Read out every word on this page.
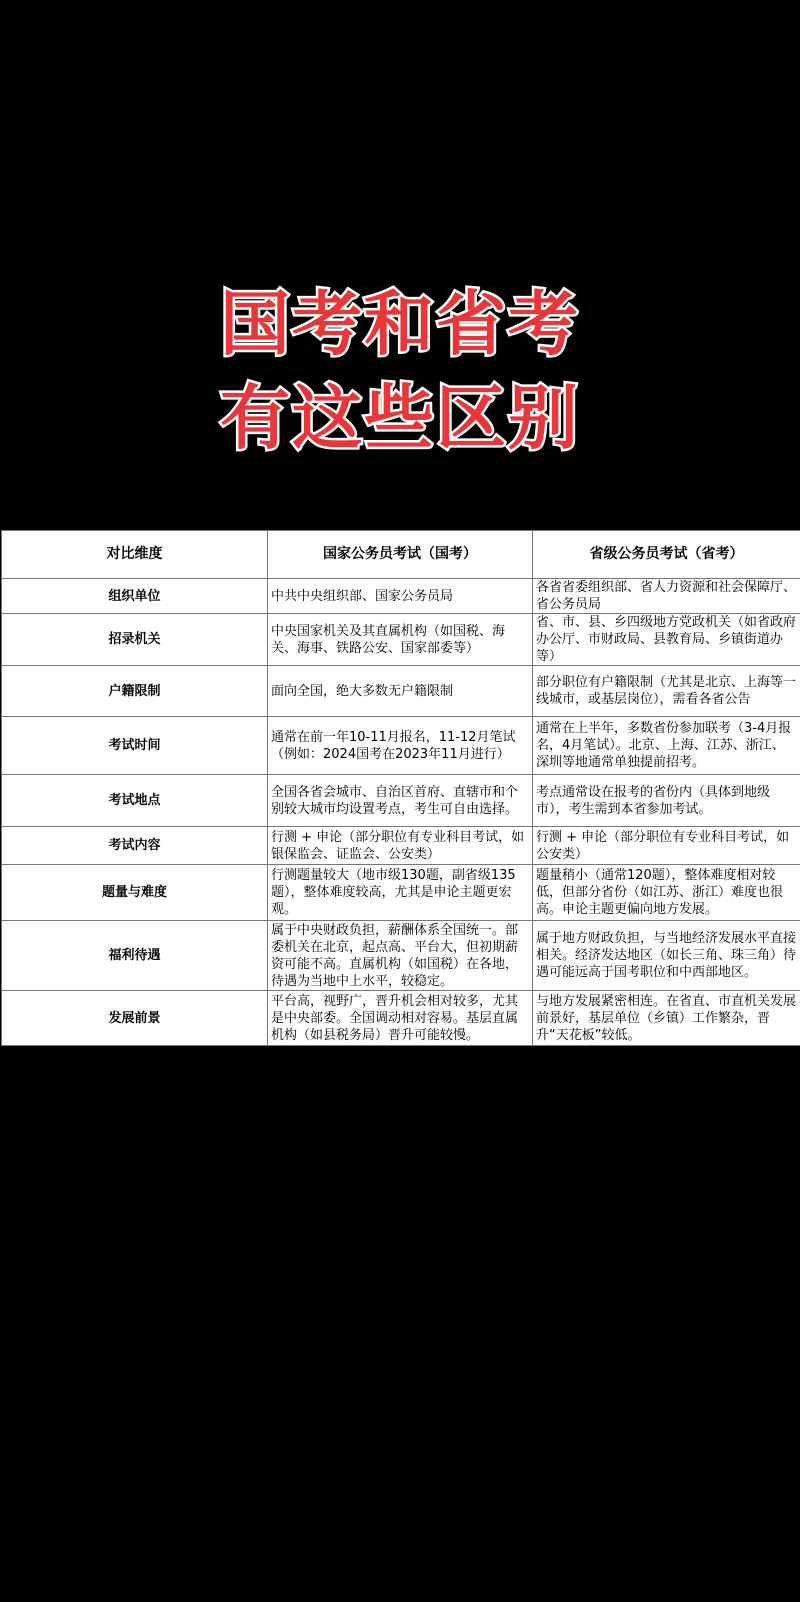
国考和省考
有这些区别
对比维度	国家公务员考试（国考）	省级公务员考试（省考）
组织单位	中共中央组织部、国家公务员局	各省省委组织部、省人力资源和社会保障厅、省公务员局
招录机关	中央国家机关及其直属机构（如国税、海关、海事、铁路公安、国家部委等）	省、市、县、乡四级地方党政机关（如省政府办公厅、市财政局、县教育局、乡镇街道办等）
户籍限制	面向全国，绝大多数无户籍限制	部分职位有户籍限制（尤其是北京、上海等一线城市，或基层岗位），需看各省公告
考试时间	通常在前一年10-11月报名，11-12月笔试（例如：2024国考在2023年11月进行）	通常在上半年，多数省份参加联考（3-4月报名，4月笔试）。北京、上海、江苏、浙江、深圳等地通常单独提前招考。
考试地点	全国各省会城市、自治区首府、直辖市和个别较大城市均设置考点，考生可自由选择。	考点通常设在报考的省份内（具体到地级市），考生需到本省参加考试。
考试内容	行测 + 申论（部分职位有专业科目考试，如银保监会、证监会、公安类）	行测 + 申论（部分职位有专业科目考试，如公安类）
题量与难度	行测题量较大（地市级130题，副省级135题），整体难度较高，尤其是申论主题更宏观。	题量稍小（通常120题），整体难度相对较低，但部分省份（如江苏、浙江）难度也很高。申论主题更偏向地方发展。
福利待遇	属于中央财政负担，薪酬体系全国统一。部委机关在北京，起点高、平台大，但初期薪资可能不高。直属机构（如国税）在各地，待遇为当地中上水平，较稳定。	属于地方财政负担，与当地经济发展水平直接相关。经济发达地区（如长三角、珠三角）待遇可能远高于国考职位和中西部地区。
发展前景	平台高，视野广，晋升机会相对较多，尤其是中央部委。全国调动相对容易。基层直属机构（如县税务局）晋升可能较慢。	与地方发展紧密相连。在省直、市直机关发展前景好，基层单位（乡镇）工作繁杂，晋升“天花板”较低。
